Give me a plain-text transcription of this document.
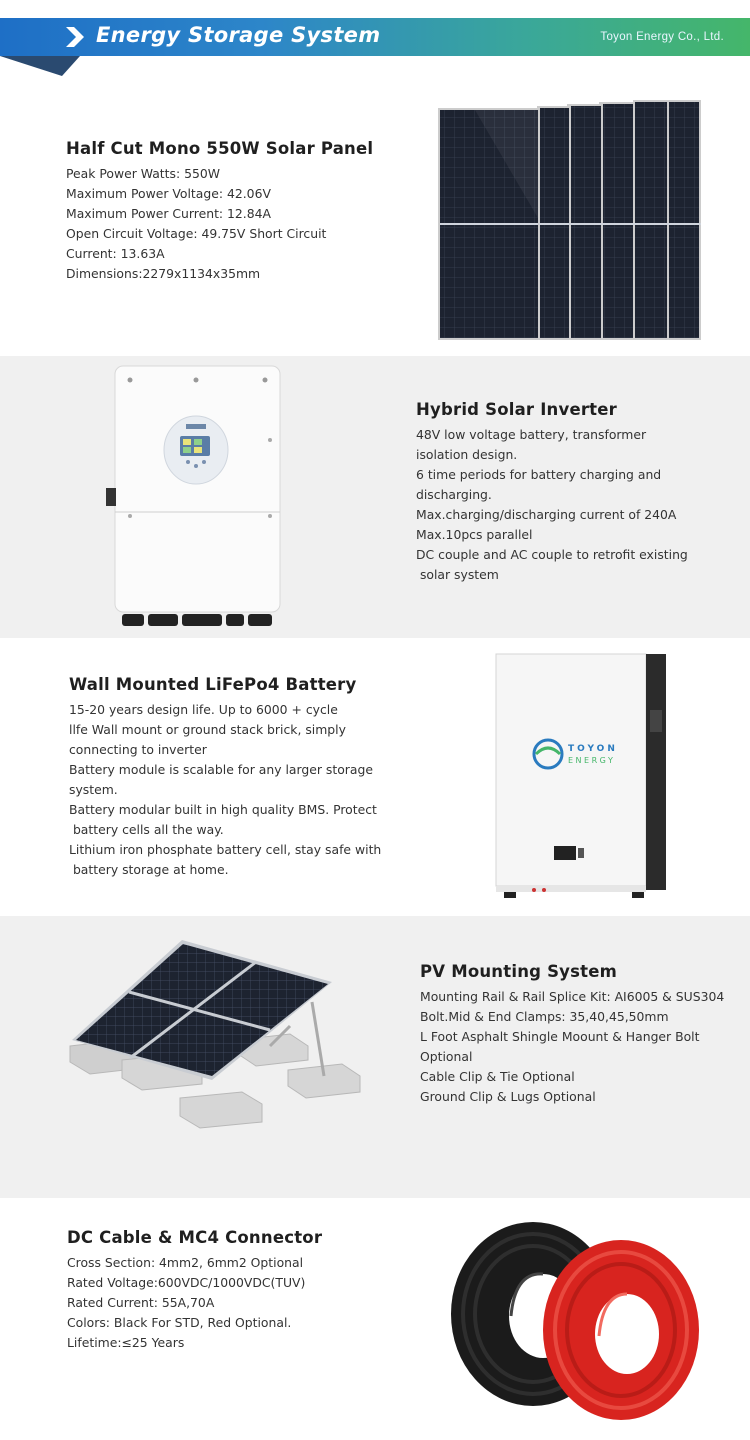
Energy Storage System	Toyon Energy Co., Ltd.
Half Cut Mono 550W Solar Panel

Peak Power Watts: 550W

Maximum Power Voltage: 42.06V

Maximum Power Current: 12.84A

Open Circuit Voltage: 49.75V Short Circuit

Current: 13.63A

Dimensions:2279x1134x35mm

Hybrid Solar Inverter

48V low voltage battery, transformer

isolation design.

6 time periods for battery charging and

discharging.

Max.charging/discharging current of 240A

Max.10pcs parallel

DC couple and AC couple to retrofit existing

solar system

Wall Mounted LiFePo4 Battery

15-20 years design life. Up to 6000 + cycle

llfe Wall mount or ground stack brick, simply

connecting to inverter

Battery module is scalable for any larger storage

system.

Battery modular built in high quality BMS. Protect

battery cells all the way.

Lithium iron phosphate battery cell, stay safe with

battery storage at home.

TOYON
ENERGY
PV Mounting System

Mounting Rail & Rail Splice Kit: AI6005 & SUS304

Bolt.Mid & End Clamps: 35,40,45,50mm

L Foot Asphalt Shingle Moount & Hanger Bolt

Optional

Cable Clip & Tie Optional

Ground Clip & Lugs Optional

DC Cable & MC4 Connector

Cross Section: 4mm2, 6mm2 Optional

Rated Voltage:600VDC/1000VDC(TUV)

Rated Current: 55A,70A

Colors: Black For STD, Red Optional.

Lifetime:≤25 Years
